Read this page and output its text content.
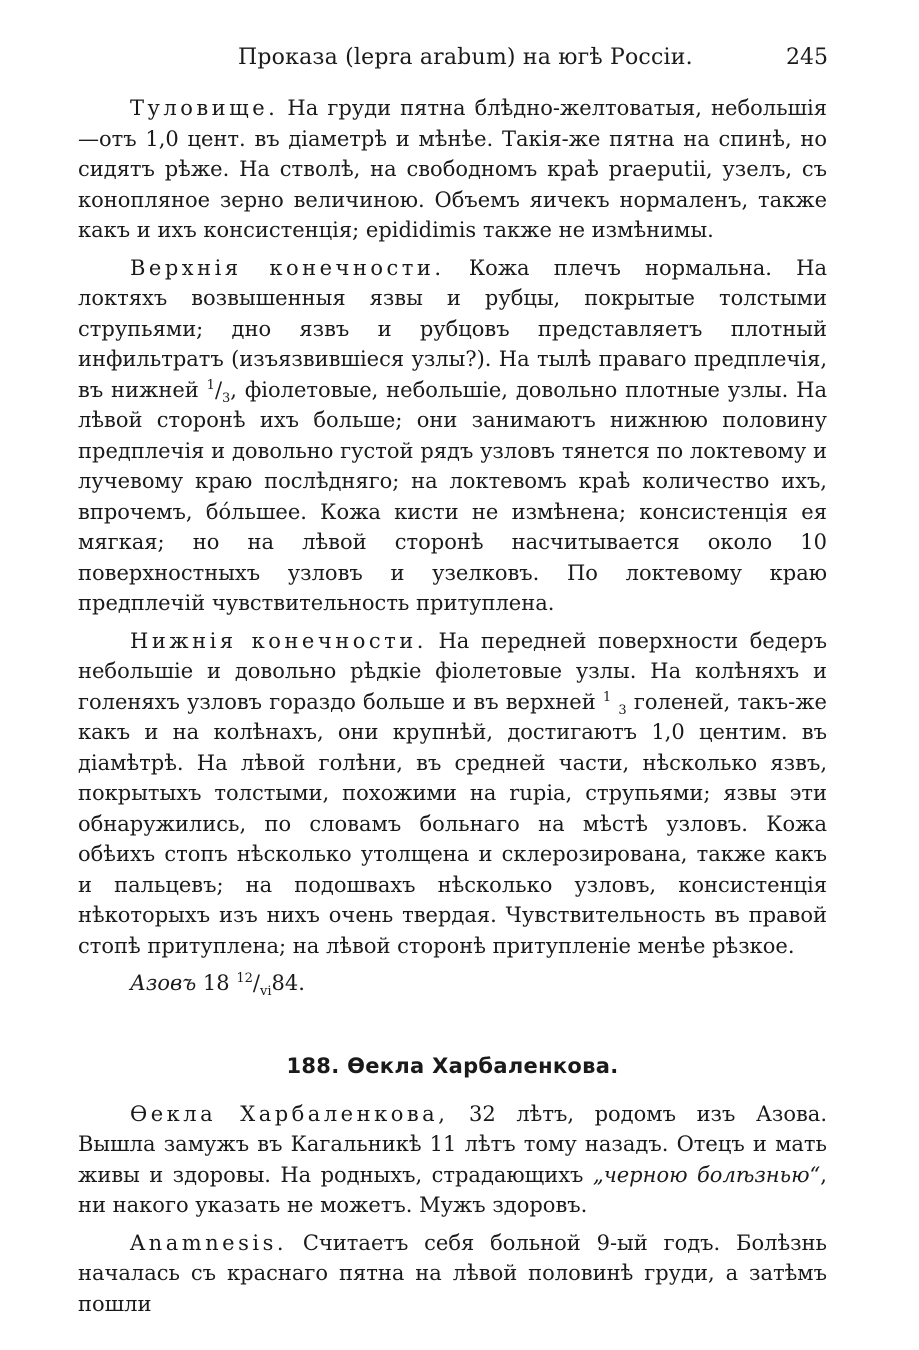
Проказа (lepra arabum) на югѣ Россіи.	245

Туловище. На груди пятна блѣдно-желтоватыя, небольшія—отъ 1,0 цент. въ діаметрѣ и мѣнѣе. Такія-же пятна на спинѣ, но сидятъ рѣже. На стволѣ, на свободномъ краѣ praeputii, узелъ, съ конопляное зерно величиною. Объемъ яичекъ нормаленъ, также какъ и ихъ консистенція; epididimis также не измѣнимы.

Верхнія конечности. Кожа плечъ нормальна. На локтяхъ возвышенныя язвы и рубцы, покрытые толстыми струпьями; дно язвъ и рубцовъ представляетъ плотный инфильтратъ (изъязвившіеся узлы?). На тылѣ праваго предплечія, въ нижней $^1/_3$, фіолетовые, небольшіе, довольно плотные узлы. На лѣвой сторонѣ ихъ больше; они занимаютъ нижнюю половину предплечія и довольно густой рядъ узловъ тянется по локтевому и лучевому краю послѣдняго; на локтевомъ краѣ количество ихъ, впрочемъ, бóльшее. Кожа кисти не измѣнена; консистенція ея мягкая; но на лѣвой сторонѣ насчитывается около 10 поверхностныхъ узловъ и узелковъ. По локтевому краю предплечій чувствительность притуплена.

Нижнія конечности. На передней поверхности бедеръ небольшіе и довольно рѣдкіе фіолетовые узлы. На колѣняхъ и голеняхъ узловъ гораздо больше и въ верхней $^1$ $_3$ голеней, такъ-же какъ и на колѣнахъ, они крупнѣй, достигаютъ 1,0 центим. въ діамѣтрѣ. На лѣвой голѣни, въ средней части, нѣсколько язвъ, покрытыхъ толстыми, похожими на rupia, струпьями; язвы эти обнаружились, по словамъ больнаго на мѣстѣ узловъ. Кожа обѣихъ стопъ нѣсколько утолщена и склерозирована, также какъ и пальцевъ; на подошвахъ нѣсколько узловъ, консистенція нѣкоторыхъ изъ нихъ очень твердая. Чувствительность въ правой стопѣ притуплена; на лѣвой сторонѣ притупленіе менѣе рѣзкое.

Азовъ 18 $^{12}/_{vi}84$.

188. Ѳекла Харбаленкова.

Ѳекла Харбаленкова, 32 лѣтъ, родомъ изъ Азова. Вышла замужъ въ Кагальникѣ 11 лѣтъ тому назадъ. Отецъ и мать живы и здоровы. На родныхъ, страдающихъ „черною болѣзнью“, ни накого указать не можетъ. Мужъ здоровъ.

Anamnesis. Считаетъ себя больной 9-ый годъ. Болѣзнь началась съ краснаго пятна на лѣвой половинѣ груди, а затѣмъ пошли
